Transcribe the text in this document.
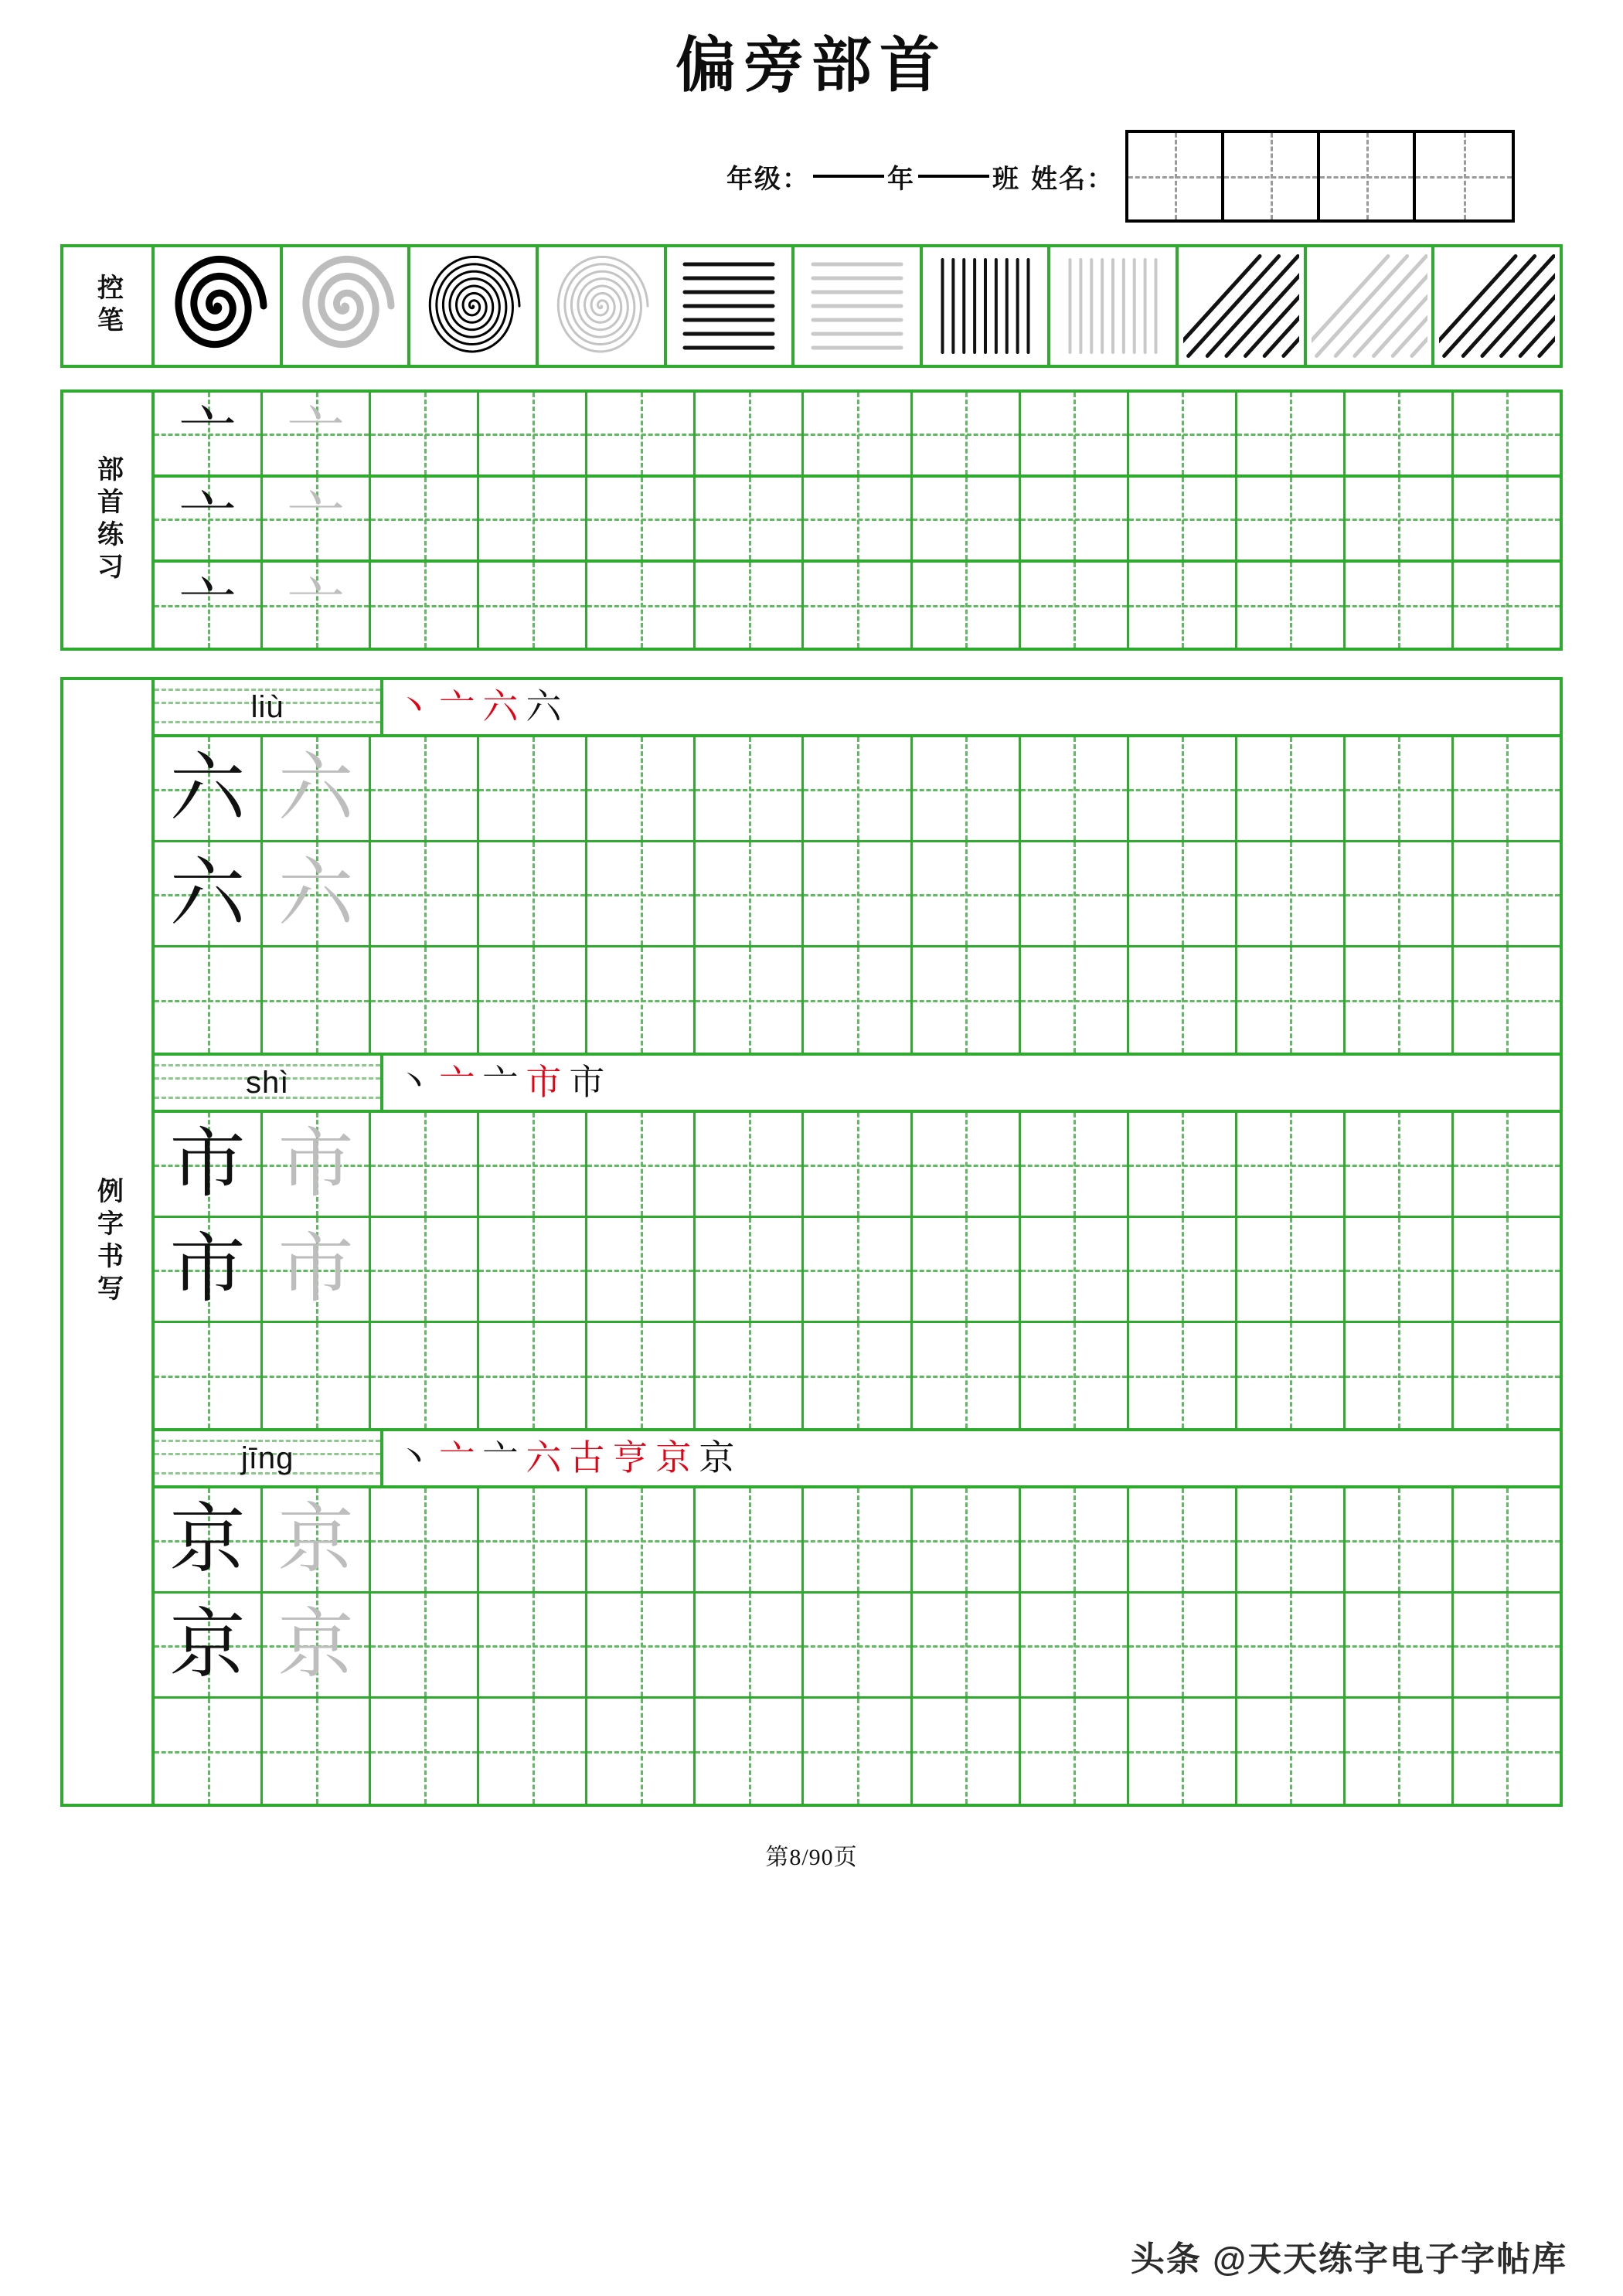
偏旁部首
年级：	年	班 姓名：
控笔
部首练习
亠 亠
亠 亠
亠 亠
例字书写
liù	丶 亠 六 六
六 六
六 六
shì	丶 亠 亠 市 市
市 市
市 市
jīng	丶 亠 亠 六 古 亨 京 京
京 京
京 京
第8/90页
头条 @天天练字电子字帖库
